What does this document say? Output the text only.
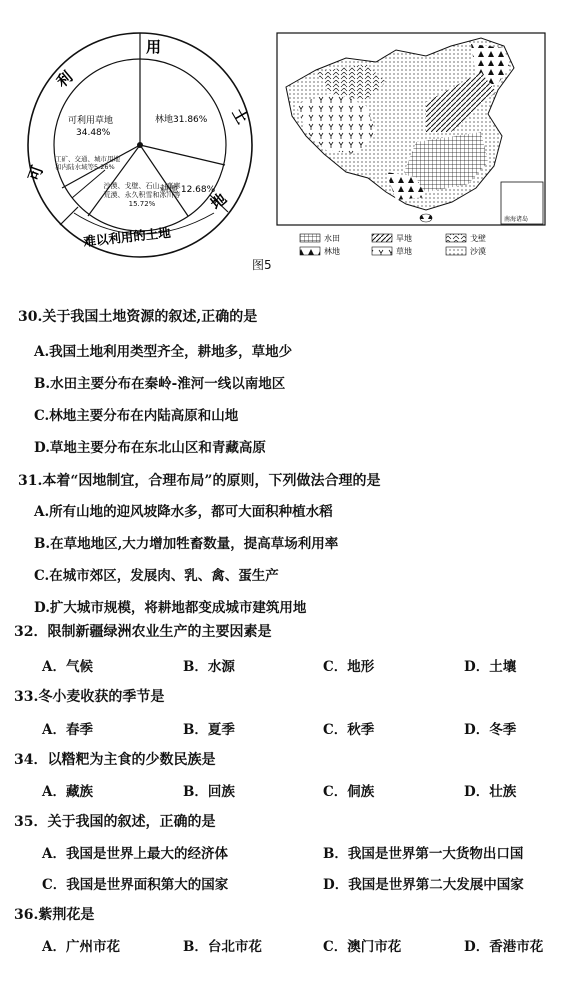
可
利
用
土
地
难以利用的土地
可利用草地
34.48%
林地31.86%
耕地 12.68%
沙漠、戈壁、石山、高寒荒漠、永久积雪和冰川等15.72%
工矿、交通、城市用地和内陆水域等5.26%
南海诸岛
水田	旱地	戈壁
林地	草地	沙漠
图5
30.关于我国土地资源的叙述,正确的是
A.我国土地利用类型齐全，耕地多，草地少
B.水田主要分布在秦岭-淮河一线以南地区
C.林地主要分布在内陆高原和山地
D.草地主要分布在东北山区和青藏高原
31.本着“因地制宜，合理布局”的原则，下列做法合理的是
A.所有山地的迎风坡降水多，都可大面积种植水稻
B.在草地地区,大力增加牲畜数量，提高草场利用率
C.在城市郊区，发展肉、乳、禽、蛋生产
D.扩大城市规模，将耕地都变成城市建筑用地
32．限制新疆绿洲农业生产的主要因素是
A．气候	B．水源	C．地形	D．土壤
33.冬小麦收获的季节是
A．春季	B．夏季	C．秋季	D．冬季
34．以糌粑为主食的少数民族是
A．藏族	B．回族	C．侗族	D．壮族
35．关于我国的叙述，正确的是
A．我国是世界上最大的经济体	B．我国是世界第一大货物出口国
C．我国是世界面积第大的国家	D．我国是世界第二大发展中国家
36.紫荆花是
A．广州市花	B．台北市花	C．澳门市花	D．香港市花
